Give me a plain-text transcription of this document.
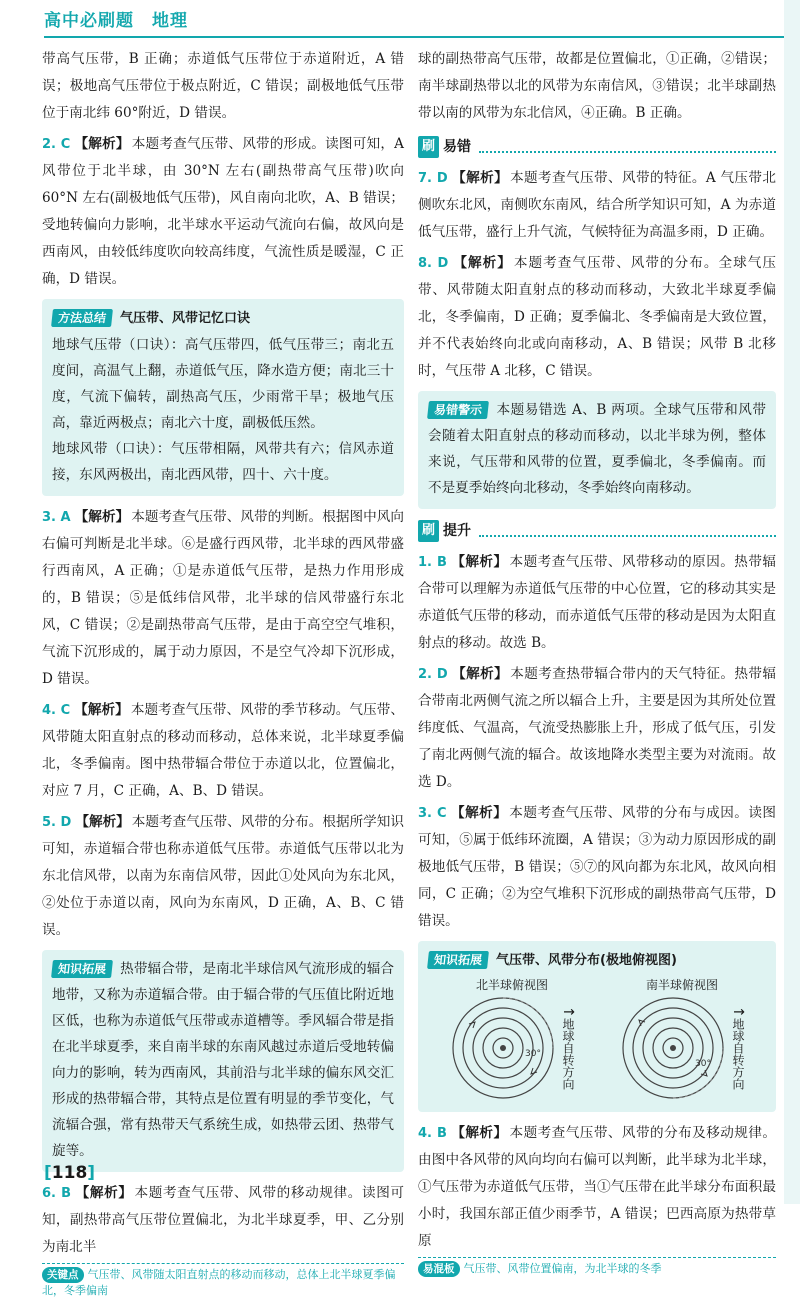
高中必刷题　地理
带高气压带，B 正确；赤道低气压带位于赤道附近，A 错误；极地高气压带位于极点附近，C 错误；副极地低气压带位于南北纬 60°附近，D 错误。
2. C 【解析】 本题考查气压带、风带的形成。读图可知，A 风带位于北半球，由 30°N 左右(副热带高气压带)吹向 60°N 左右(副极地低气压带)，风自南向北吹，A、B 错误；受地转偏向力影响，北半球水平运动气流向右偏，故风向是西南风，由较低纬度吹向较高纬度，气流性质是暖湿，C 正确，D 错误。
方法总结 气压带、风带记忆口诀
地球气压带（口诀）：高气压带四，低气压带三；南北五度间，高温气上翻，赤道低气压，降水造方便；南北三十度，气流下偏转，副热高气压，少雨常干旱；极地气压高，靠近两极点；南北六十度，副极低压然。
地球风带（口诀）：气压带相隔，风带共有六；信风赤道接，东风两极出，南北西风带，四十、六十度。
3. A 【解析】 本题考查气压带、风带的判断。根据图中风向右偏可判断是北半球。⑥是盛行西风带，北半球的西风带盛行西南风，A 正确；①是赤道低气压带，是热力作用形成的，B 错误；⑤是低纬信风带，北半球的信风带盛行东北风，C 错误；②是副热带高气压带，是由于高空空气堆积，气流下沉形成的，属于动力原因，不是空气冷却下沉形成，D 错误。
4. C 【解析】 本题考查气压带、风带的季节移动。气压带、风带随太阳直射点的移动而移动，总体来说，北半球夏季偏北，冬季偏南。图中热带辐合带位于赤道以北，位置偏北，对应 7 月，C 正确，A、B、D 错误。
5. D 【解析】 本题考查气压带、风带的分布。根据所学知识可知，赤道辐合带也称赤道低气压带。赤道低气压带以北为东北信风带，以南为东南信风带，因此①处风向为东北风，②处位于赤道以南，风向为东南风，D 正确，A、B、C 错误。
知识拓展 热带辐合带，是南北半球信风气流形成的辐合地带，又称为赤道辐合带。由于辐合带的气压值比附近地区低，也称为赤道低气压带或赤道槽等。季风辐合带是指在北半球夏季，来自南半球的东南风越过赤道后受地转偏向力的影响，转为西南风，其前沿与北半球的偏东风交汇形成的热带辐合带，其特点是位置有明显的季节变化，气流辐合强，常有热带天气系统生成，如热带云团、热带气旋等。
6. B 【解析】 本题考查气压带、风带的移动规律。读图可知，副热带高气压带位置偏北，为北半球夏季，甲、乙分别为南北半
关键点 气压带、风带随太阳直射点的移动而移动，总体上北半球夏季偏北，冬季偏南
球的副热带高气压带，故都是位置偏北，①正确，②错误；南半球副热带以北的风带为东南信风，③错误；北半球副热带以南的风带为东北信风，④正确。B 正确。
刷 易错
7. D 【解析】 本题考查气压带、风带的特征。A 气压带北侧吹东北风，南侧吹东南风，结合所学知识可知，A 为赤道低气压带，盛行上升气流，气候特征为高温多雨，D 正确。
8. D 【解析】 本题考查气压带、风带的分布。全球气压带、风带随太阳直射点的移动而移动，大致北半球夏季偏北，冬季偏南，D 正确；夏季偏北、冬季偏南是大致位置，并不代表始终向北或向南移动，A、B 错误；风带 B 北移时，气压带 A 北移，C 错误。
易错警示 本题易错选 A、B 两项。全球气压带和风带会随着太阳直射点的移动而移动，以北半球为例，整体来说，气压带和风带的位置，夏季偏北，冬季偏南。而不是夏季始终向北移动，冬季始终向南移动。
刷 提升
1. B 【解析】 本题考查气压带、风带移动的原因。热带辐合带可以理解为赤道低气压带的中心位置，它的移动其实是赤道低气压带的移动，而赤道低气压带的移动是因为太阳直射点的移动。故选 B。
2. D 【解析】 本题考查热带辐合带内的天气特征。热带辐合带南北两侧气流之所以辐合上升，主要是因为其所处位置纬度低、气温高，气流受热膨胀上升，形成了低气压，引发了南北两侧气流的辐合。故该地降水类型主要为对流雨。故选 D。
3. C 【解析】 本题考查气压带、风带的分布与成因。读图可知，⑤属于低纬环流圈，A 错误；③为动力原因形成的副极地低气压带，B 错误；⑤⑦的风向都为东北风，故风向相同，C 正确；②为空气堆积下沉形成的副热带高气压带，D 错误。
知识拓展 气压带、风带分布(极地俯视图)
北半球俯视图
30°
↑地球自转方向
南半球俯视图
30°
↑地球自转方向
4. B 【解析】 本题考查气压带、风带的分布及移动规律。由图中各风带的风向均向右偏可以判断，此半球为北半球，①气压带为赤道低气压带，当①气压带在此半球分布面积最小时，我国东部正值少雨季节，A 错误；巴西高原为热带草原
易混板 气压带、风带位置偏南，为北半球的冬季
[118]
